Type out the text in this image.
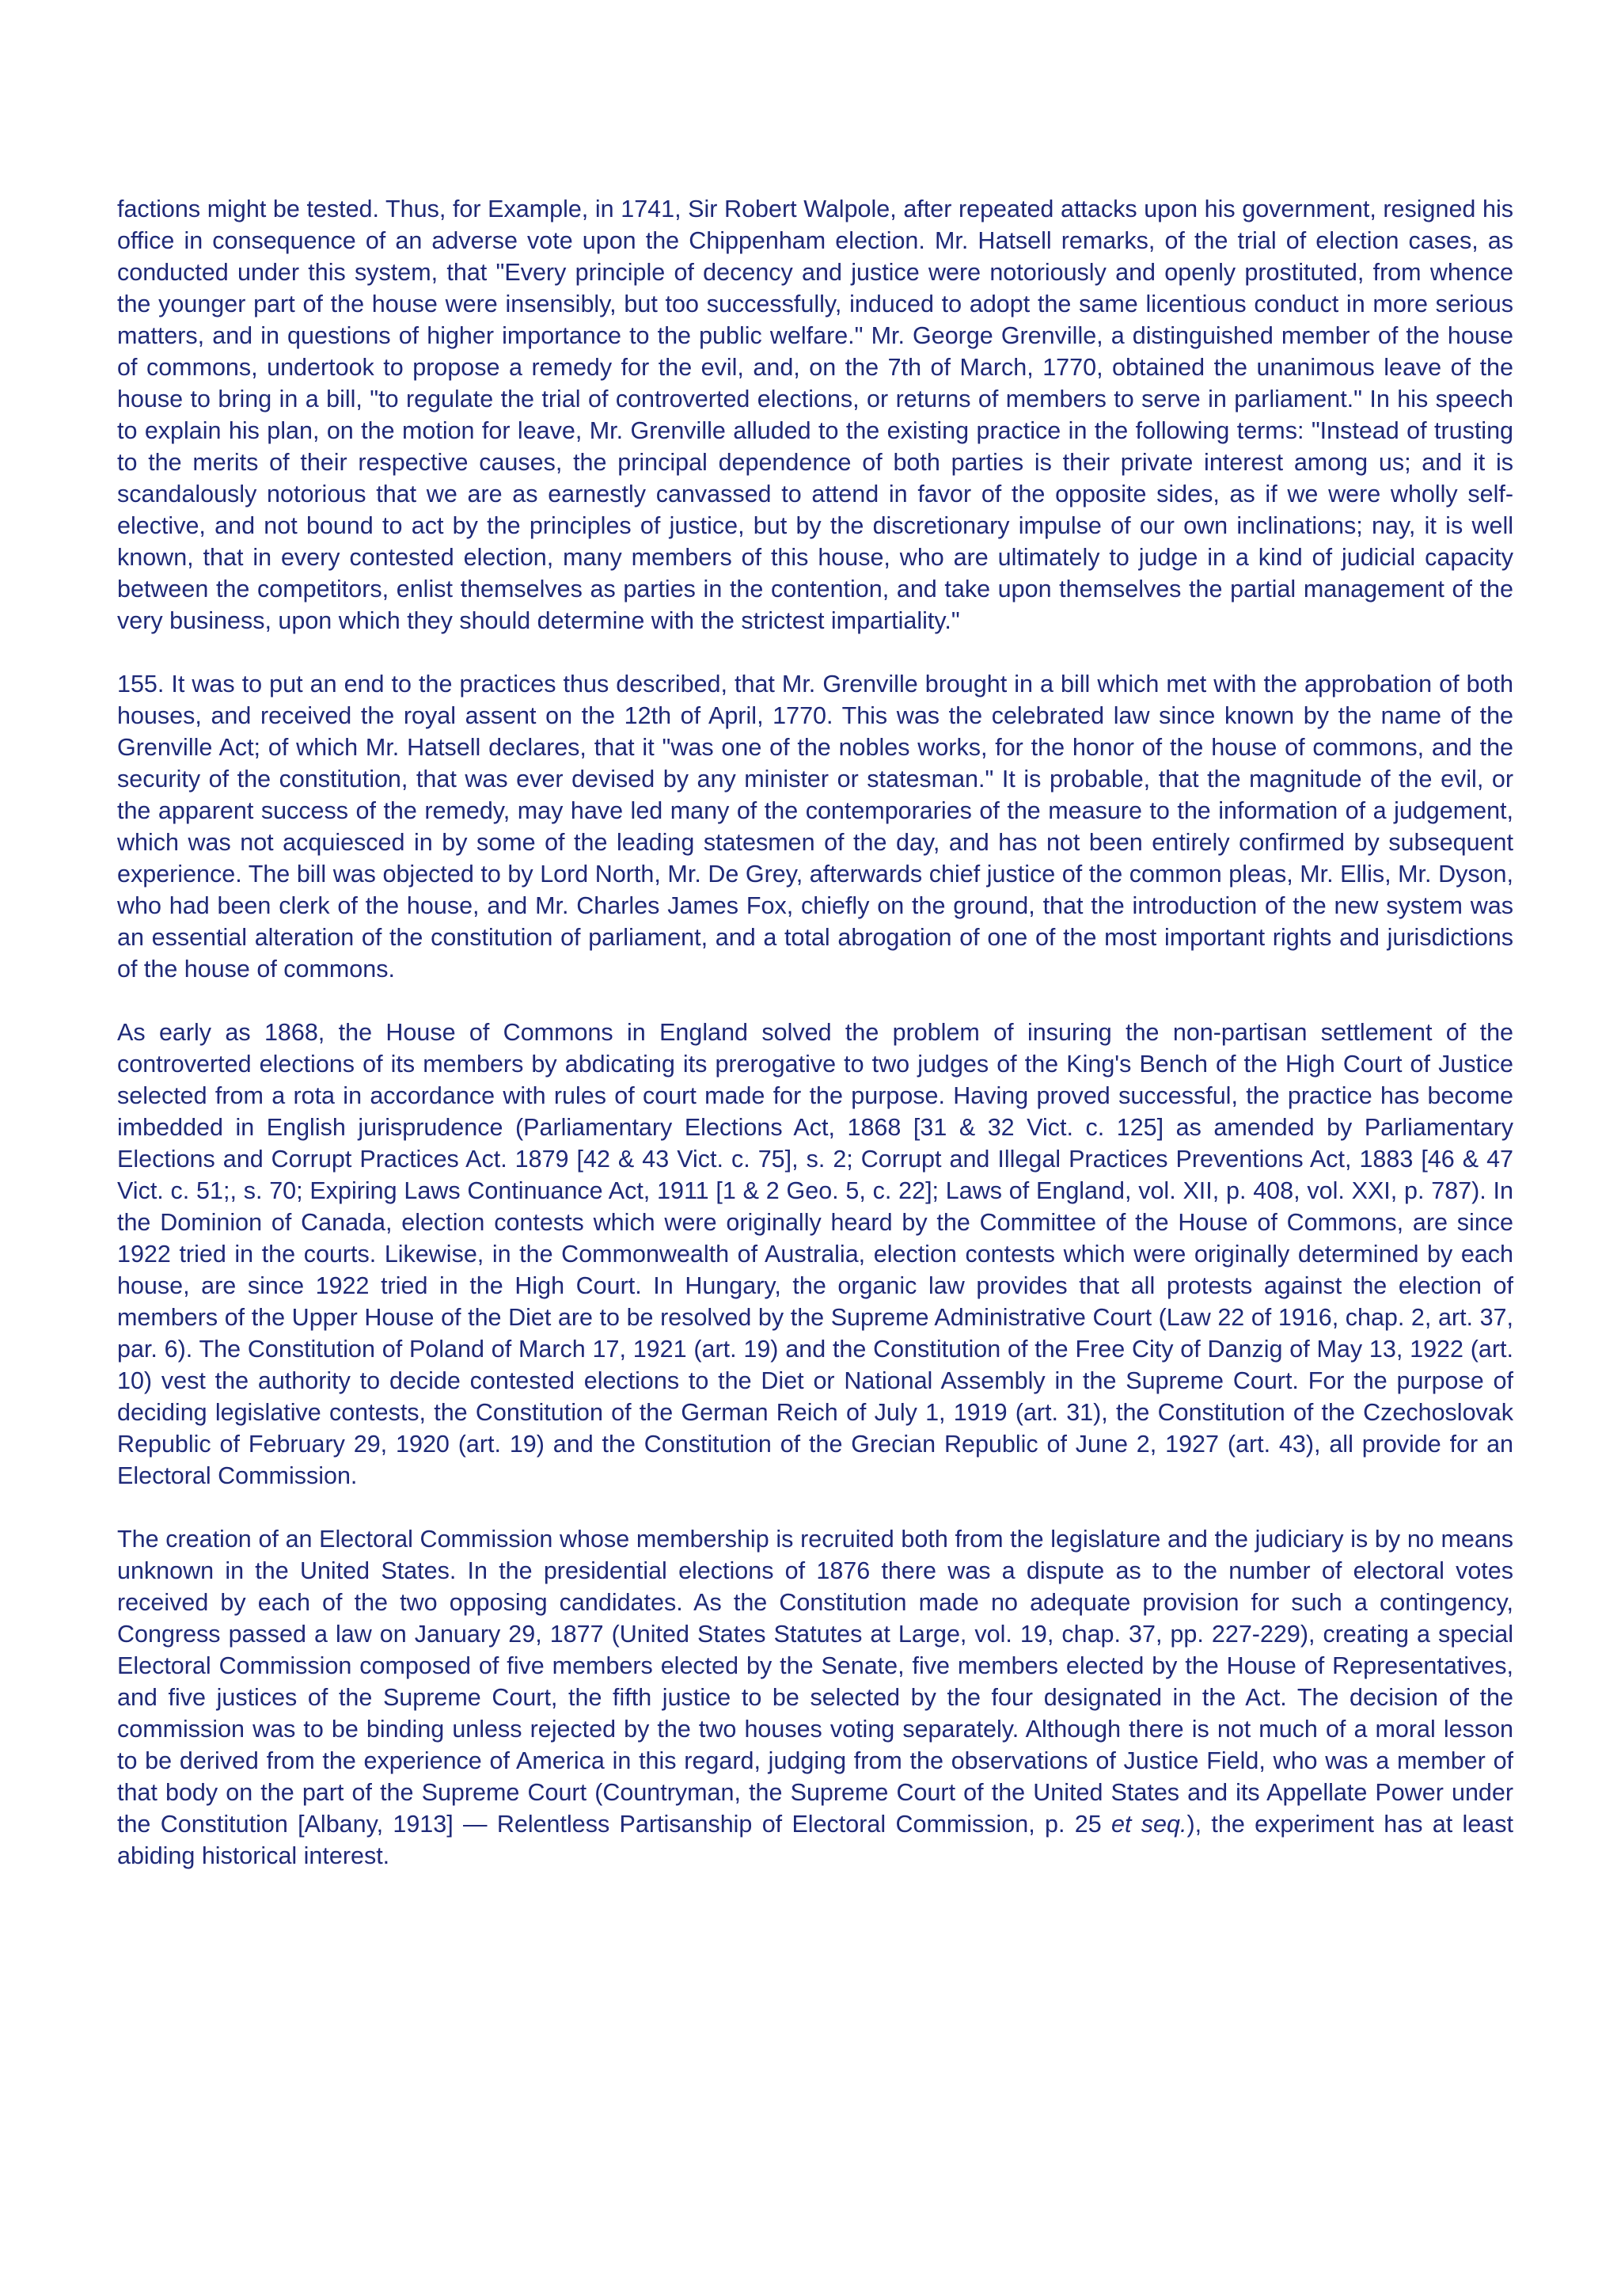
factions might be tested. Thus, for Example, in 1741, Sir Robert Walpole, after repeated attacks upon his government, resigned his office in consequence of an adverse vote upon the Chippenham election. Mr. Hatsell remarks, of the trial of election cases, as conducted under this system, that "Every principle of decency and justice were notoriously and openly prostituted, from whence the younger part of the house were insensibly, but too successfully, induced to adopt the same licentious conduct in more serious matters, and in questions of higher importance to the public welfare." Mr. George Grenville, a distinguished member of the house of commons, undertook to propose a remedy for the evil, and, on the 7th of March, 1770, obtained the unanimous leave of the house to bring in a bill, "to regulate the trial of controverted elections, or returns of members to serve in parliament." In his speech to explain his plan, on the motion for leave, Mr. Grenville alluded to the existing practice in the following terms: "Instead of trusting to the merits of their respective causes, the principal dependence of both parties is their private interest among us; and it is scandalously notorious that we are as earnestly canvassed to attend in favor of the opposite sides, as if we were wholly self-elective, and not bound to act by the principles of justice, but by the discretionary impulse of our own inclinations; nay, it is well known, that in every contested election, many members of this house, who are ultimately to judge in a kind of judicial capacity between the competitors, enlist themselves as parties in the contention, and take upon themselves the partial management of the very business, upon which they should determine with the strictest impartiality."

155. It was to put an end to the practices thus described, that Mr. Grenville brought in a bill which met with the approbation of both houses, and received the royal assent on the 12th of April, 1770. This was the celebrated law since known by the name of the Grenville Act; of which Mr. Hatsell declares, that it "was one of the nobles works, for the honor of the house of commons, and the security of the constitution, that was ever devised by any minister or statesman." It is probable, that the magnitude of the evil, or the apparent success of the remedy, may have led many of the contemporaries of the measure to the information of a judgement, which was not acquiesced in by some of the leading statesmen of the day, and has not been entirely confirmed by subsequent experience. The bill was objected to by Lord North, Mr. De Grey, afterwards chief justice of the common pleas, Mr. Ellis, Mr. Dyson, who had been clerk of the house, and Mr. Charles James Fox, chiefly on the ground, that the introduction of the new system was an essential alteration of the constitution of parliament, and a total abrogation of one of the most important rights and jurisdictions of the house of commons.

As early as 1868, the House of Commons in England solved the problem of insuring the non-partisan settlement of the controverted elections of its members by abdicating its prerogative to two judges of the King's Bench of the High Court of Justice selected from a rota in accordance with rules of court made for the purpose. Having proved successful, the practice has become imbedded in English jurisprudence (Parliamentary Elections Act, 1868 [31 & 32 Vict. c. 125] as amended by Parliamentary Elections and Corrupt Practices Act. 1879 [42 & 43 Vict. c. 75], s. 2; Corrupt and Illegal Practices Preventions Act, 1883 [46 & 47 Vict. c. 51;, s. 70; Expiring Laws Continuance Act, 1911 [1 & 2 Geo. 5, c. 22]; Laws of England, vol. XII, p. 408, vol. XXI, p. 787). In the Dominion of Canada, election contests which were originally heard by the Committee of the House of Commons, are since 1922 tried in the courts. Likewise, in the Commonwealth of Australia, election contests which were originally determined by each house, are since 1922 tried in the High Court. In Hungary, the organic law provides that all protests against the election of members of the Upper House of the Diet are to be resolved by the Supreme Administrative Court (Law 22 of 1916, chap. 2, art. 37, par. 6). The Constitution of Poland of March 17, 1921 (art. 19) and the Constitution of the Free City of Danzig of May 13, 1922 (art. 10) vest the authority to decide contested elections to the Diet or National Assembly in the Supreme Court. For the purpose of deciding legislative contests, the Constitution of the German Reich of July 1, 1919 (art. 31), the Constitution of the Czechoslovak Republic of February 29, 1920 (art. 19) and the Constitution of the Grecian Republic of June 2, 1927 (art. 43), all provide for an Electoral Commission.

The creation of an Electoral Commission whose membership is recruited both from the legislature and the judiciary is by no means unknown in the United States. In the presidential elections of 1876 there was a dispute as to the number of electoral votes received by each of the two opposing candidates. As the Constitution made no adequate provision for such a contingency, Congress passed a law on January 29, 1877 (United States Statutes at Large, vol. 19, chap. 37, pp. 227-229), creating a special Electoral Commission composed of five members elected by the Senate, five members elected by the House of Representatives, and five justices of the Supreme Court, the fifth justice to be selected by the four designated in the Act. The decision of the commission was to be binding unless rejected by the two houses voting separately. Although there is not much of a moral lesson to be derived from the experience of America in this regard, judging from the observations of Justice Field, who was a member of that body on the part of the Supreme Court (Countryman, the Supreme Court of the United States and its Appellate Power under the Constitution [Albany, 1913] — Relentless Partisanship of Electoral Commission, p. 25 et seq.), the experiment has at least abiding historical interest.
